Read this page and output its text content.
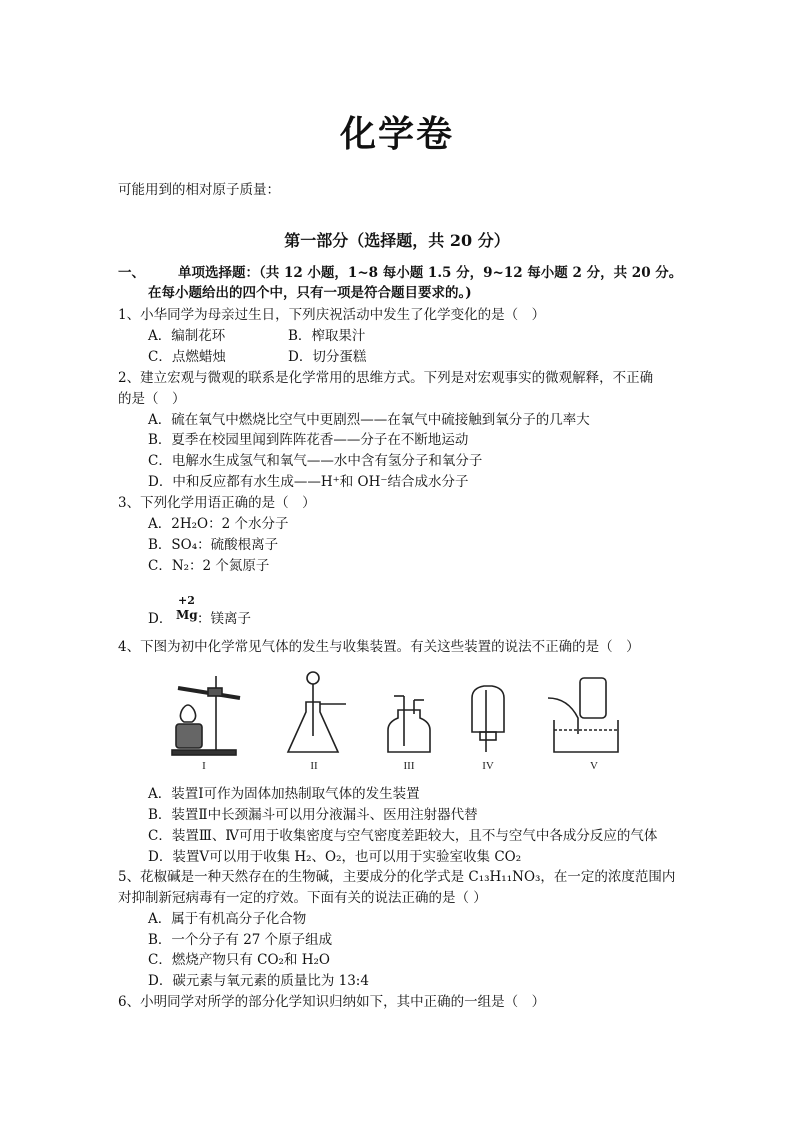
化学卷
可能用到的相对原子质量：
第一部分（选择题，共 20 分）
一、 单项选择题：（共 12 小题，1~8 每小题 1.5 分，9~12 每小题 2 分，共 20 分。
在每小题给出的四个中，只有一项是符合题目要求的。)
1、小华同学为母亲过生日，下列庆祝活动中发生了化学变化的是（　）
A．编制花环	B．榨取果汁
C．点燃蜡烛	D．切分蛋糕
2、建立宏观与微观的联系是化学常用的思维方式。下列是对宏观事实的微观解释，不正确
的是（　）
A．硫在氧气中燃烧比空气中更剧烈——在氧气中硫接触到氧分子的几率大
B．夏季在校园里闻到阵阵花香——分子在不断地运动
C．电解水生成氢气和氧气——水中含有氢分子和氧分子
D．中和反应都有水生成——H⁺和 OH⁻结合成水分子
3、下列化学用语正确的是（　）
A．2H₂O：2 个水分子
B．SO₄：硫酸根离子
C．N₂：2 个氮原子
D．
+2
Mg ：镁离子
4、下图为初中化学常见气体的发生与收集装置。有关这些装置的说法不正确的是（　）
I	II	III	IV	V
A．装置Ⅰ可作为固体加热制取气体的发生装置
B．装置Ⅱ中长颈漏斗可以用分液漏斗、医用注射器代替
C．装置Ⅲ、Ⅳ可用于收集密度与空气密度差距较大，且不与空气中各成分反应的气体
D．装置Ⅴ可以用于收集 H₂、O₂，也可以用于实验室收集 CO₂
5、花椒碱是一种天然存在的生物碱，主要成分的化学式是 C₁₃H₁₁NO₃，在一定的浓度范围内
对抑制新冠病毒有一定的疗效。下面有关的说法正确的是（ ）
A．属于有机高分子化合物
B．一个分子有 27 个原子组成
C．燃烧产物只有 CO₂和 H₂O
D．碳元素与氧元素的质量比为 13:4
6、小明同学对所学的部分化学知识归纳如下，其中正确的一组是（　）
